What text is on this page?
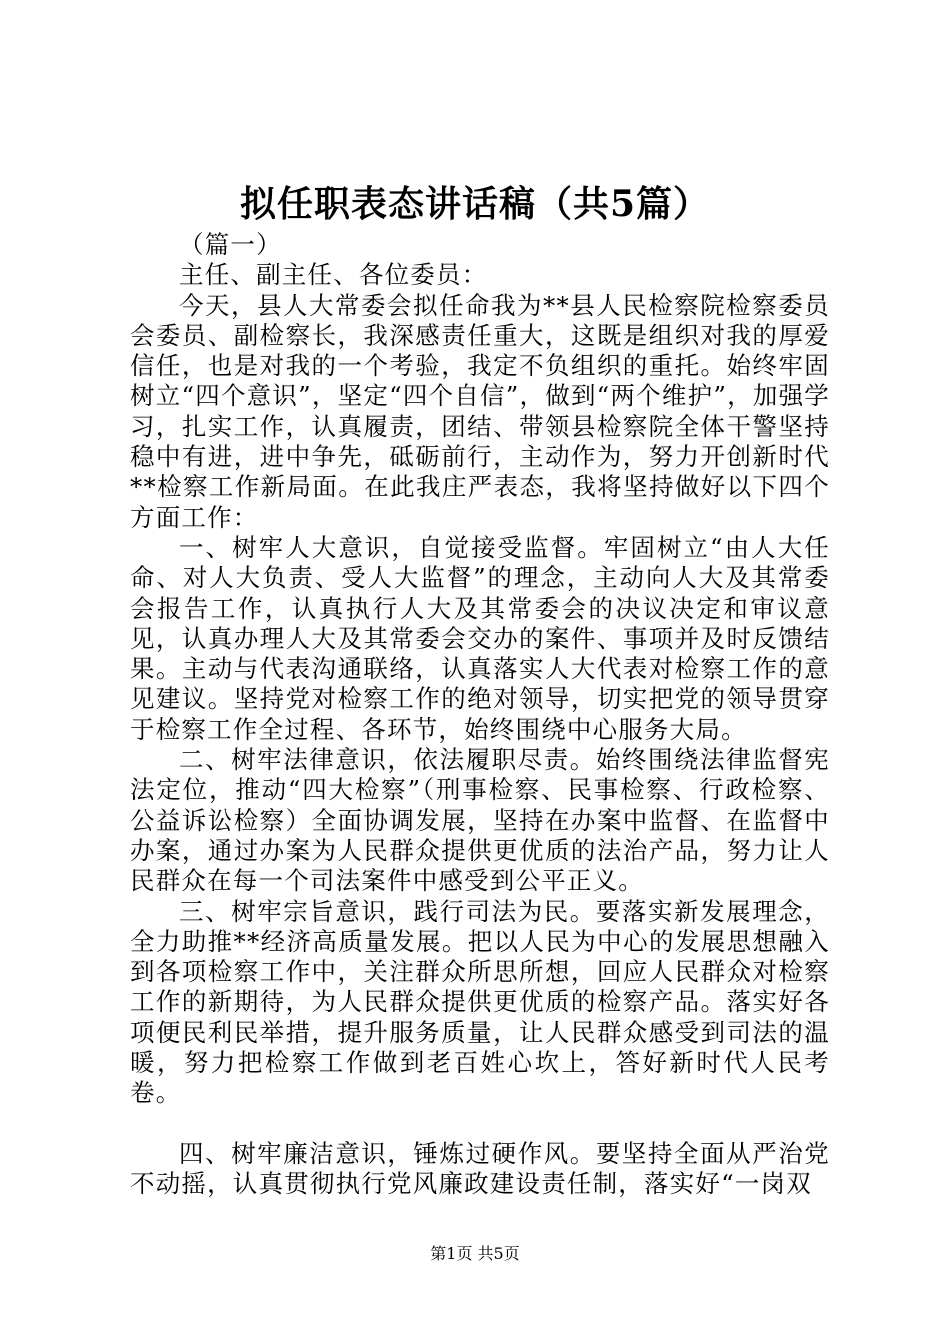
拟任职表态讲话稿（共5篇）

（篇一）

主任、副主任、各位委员：

今天，县人大常委会拟任命我为**县人民检察院检察委员会委员、副检察长，我深感责任重大，这既是组织对我的厚爱信任，也是对我的一个考验，我定不负组织的重托。始终牢固树立“四个意识”，坚定“四个自信”，做到“两个维护”，加强学习，扎实工作，认真履责，团结、带领县检察院全体干警坚持稳中有进，进中争先，砥砺前行，主动作为，努力开创新时代**检察工作新局面。在此我庄严表态，我将坚持做好以下四个方面工作：

一、树牢人大意识，自觉接受监督。牢固树立“由人大任命、对人大负责、受人大监督”的理念，主动向人大及其常委会报告工作，认真执行人大及其常委会的决议决定和审议意见，认真办理人大及其常委会交办的案件、事项并及时反馈结果。主动与代表沟通联络，认真落实人大代表对检察工作的意见建议。坚持党对检察工作的绝对领导，切实把党的领导贯穿于检察工作全过程、各环节，始终围绕中心服务大局。

二、树牢法律意识，依法履职尽责。始终围绕法律监督宪法定位，推动“四大检察”（刑事检察、民事检察、行政检察、公益诉讼检察）全面协调发展，坚持在办案中监督、在监督中办案，通过办案为人民群众提供更优质的法治产品，努力让人民群众在每一个司法案件中感受到公平正义。

三、树牢宗旨意识，践行司法为民。要落实新发展理念，全力助推**经济高质量发展。把以人民为中心的发展思想融入到各项检察工作中，关注群众所思所想，回应人民群众对检察工作的新期待，为人民群众提供更优质的检察产品。落实好各项便民利民举措，提升服务质量，让人民群众感受到司法的温暖，努力把检察工作做到老百姓心坎上，答好新时代人民考卷。

四、树牢廉洁意识，锤炼过硬作风。要坚持全面从严治党不动摇，认真贯彻执行党风廉政建设责任制，落实好“一岗双

第1页 共5页
